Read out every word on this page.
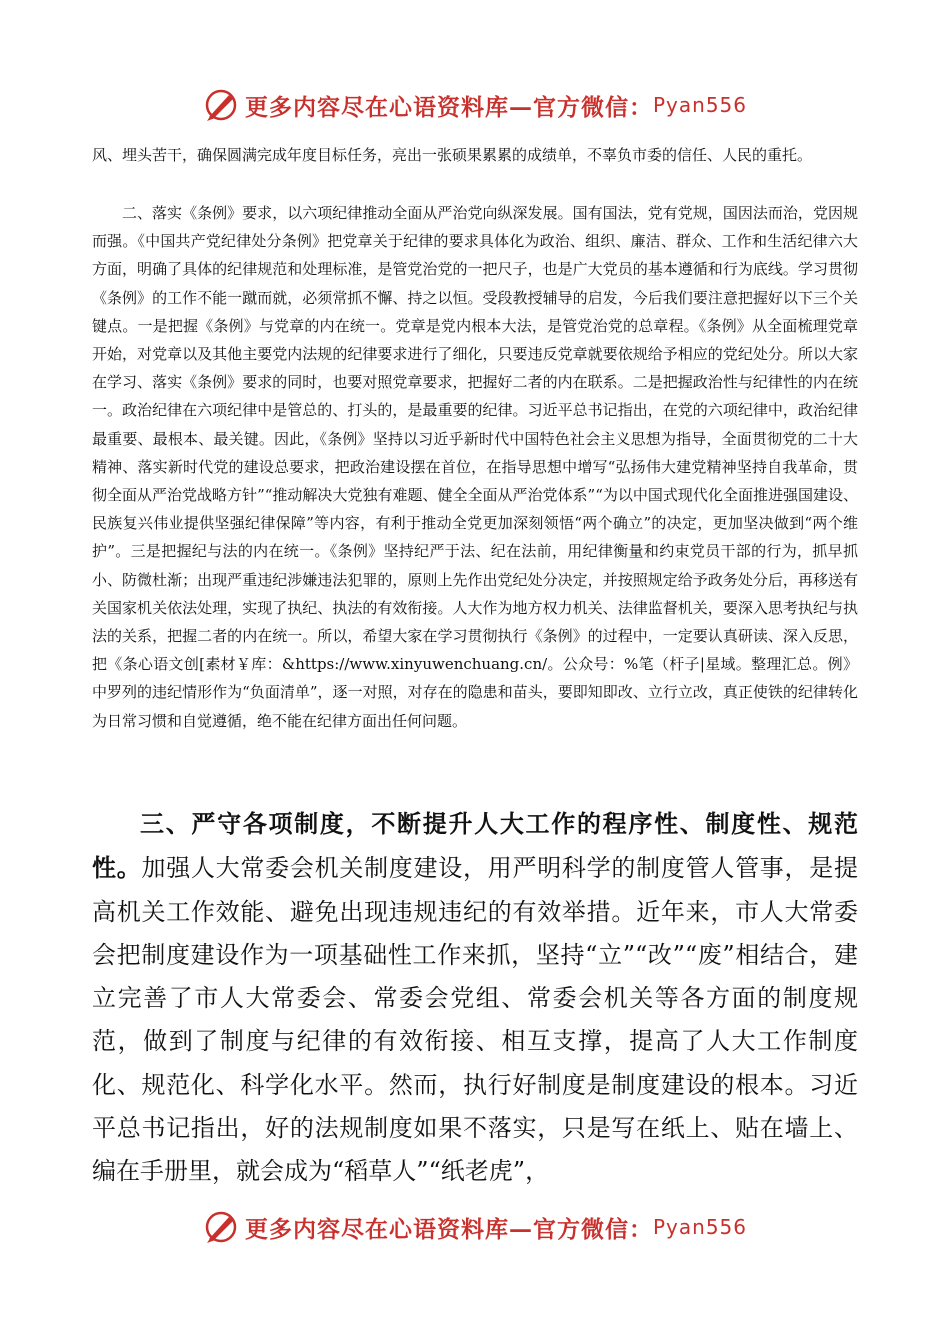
更多内容尽在心语资料库—官方微信： Pyan556

风、埋头苦干，确保圆满完成年度目标任务，亮出一张硕果累累的成绩单，不辜负市委的信任、人民的重托。

二、落实《条例》要求，以六项纪律推动全面从严治党向纵深发展。国有国法，党有党规，国因法而治，党因规而强。《中国共产党纪律处分条例》把党章关于纪律的要求具体化为政治、组织、廉洁、群众、工作和生活纪律六大方面，明确了具体的纪律规范和处理标准，是管党治党的一把尺子，也是广大党员的基本遵循和行为底线。学习贯彻《条例》的工作不能一蹴而就，必须常抓不懈、持之以恒。受段教授辅导的启发，今后我们要注意把握好以下三个关键点。一是把握《条例》与党章的内在统一。党章是党内根本大法，是管党治党的总章程。《条例》从全面梳理党章开始，对党章以及其他主要党内法规的纪律要求进行了细化，只要违反党章就要依规给予相应的党纪处分。所以大家在学习、落实《条例》要求的同时，也要对照党章要求，把握好二者的内在联系。二是把握政治性与纪律性的内在统一。政治纪律在六项纪律中是管总的、打头的，是最重要的纪律。习近平总书记指出，在党的六项纪律中，政治纪律最重要、最根本、最关键。因此，《条例》坚持以习近乎新时代中国特色社会主义思想为指导，全面贯彻党的二十大精神、落实新时代党的建设总要求，把政治建设摆在首位，在指导思想中增写“弘扬伟大建党精神坚持自我革命，贯彻全面从严治党战略方针”“推动解决大党独有难题、健全全面从严治党体系”“为以中国式现代化全面推进强国建设、民族复兴伟业提供坚强纪律保障”等内容，有利于推动全党更加深刻领悟“两个确立”的决定，更加坚决做到“两个维护”。三是把握纪与法的内在统一。《条例》坚持纪严于法、纪在法前，用纪律衡量和约束党员干部的行为，抓早抓小、防微杜渐；出现严重违纪涉嫌违法犯罪的，原则上先作出党纪处分决定，并按照规定给予政务处分后，再移送有关国家机关依法处理，实现了执纪、执法的有效衔接。人大作为地方权力机关、法律监督机关，要深入思考执纪与执法的关系，把握二者的内在统一。所以，希望大家在学习贯彻执行《条例》的过程中，一定要认真研读、深入反思，把《条心语文创[素材￥库：&https://www.xinyuwenchuang.cn/。公众号：%笔（杆子|星域。整理汇总。例》中罗列的违纪情形作为“负面清单”，逐一对照，对存在的隐患和苗头，要即知即改、立行立改，真正使铁的纪律转化为日常习惯和自觉遵循，绝不能在纪律方面出任何问题。

三、严守各项制度，不断提升人大工作的程序性、制度性、规范性。加强人大常委会机关制度建设，用严明科学的制度管人管事，是提高机关工作效能、避免出现违规违纪的有效举措。近年来，市人大常委会把制度建设作为一项基础性工作来抓，坚持“立”“改”“废”相结合，建立完善了市人大常委会、常委会党组、常委会机关等各方面的制度规范，做到了制度与纪律的有效衔接、相互支撑，提高了人大工作制度化、规范化、科学化水平。然而，执行好制度是制度建设的根本。习近平总书记指出，好的法规制度如果不落实，只是写在纸上、贴在墙上、编在手册里，就会成为“稻草人”“纸老虎”，

更多内容尽在心语资料库—官方微信： Pyan556
